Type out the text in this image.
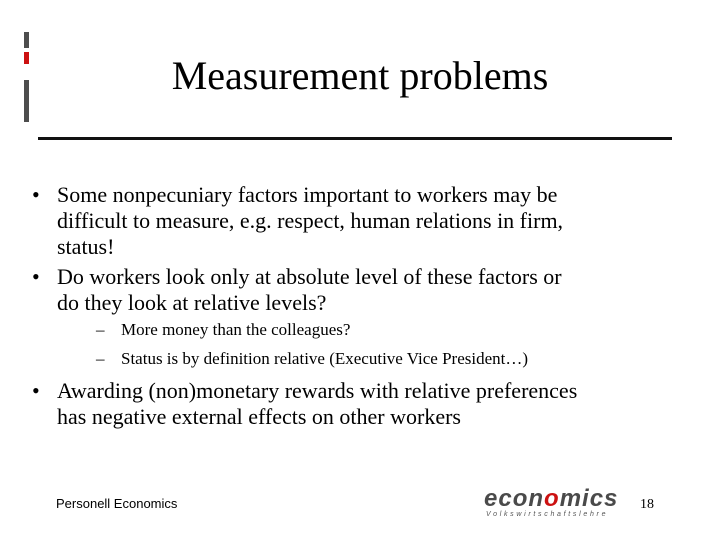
Measurement problems
• Some nonpecuniary factors important to workers may be
difficult to measure, e.g. respect, human relations in firm,
status!
• Do workers look only at absolute level of these factors or
do they look at relative levels?
– More money than the colleagues?
– Status is by definition relative (Executive Vice President…)
• Awarding (non)monetary rewards with relative preferences
has negative external effects on other workers
Personell Economics	economics
Volkswirtschaftslehre
18
